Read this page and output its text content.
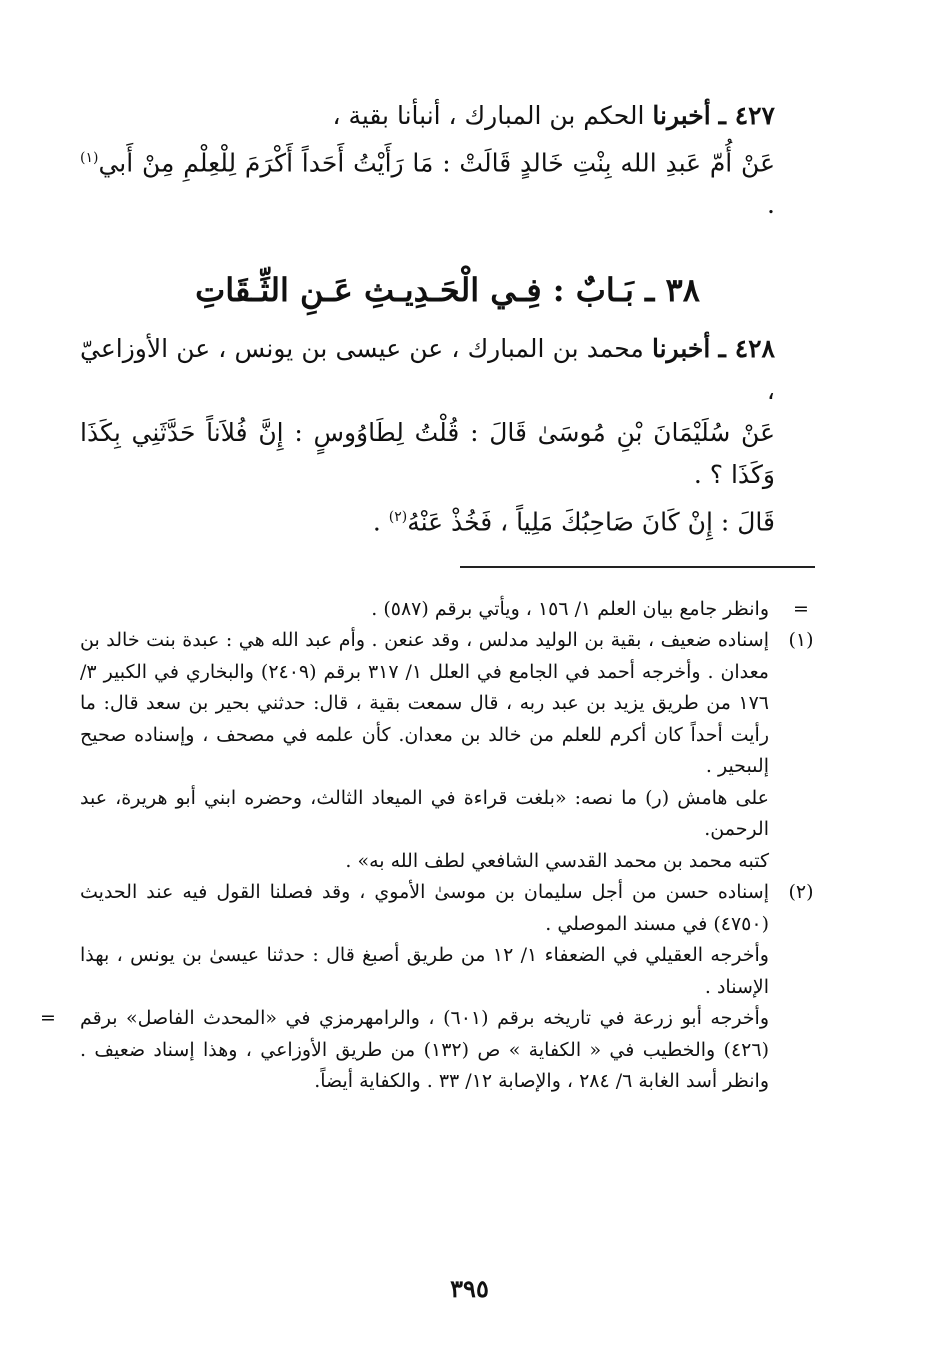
٤٢٧ ـ أخبرنا الحكم بن المبارك ، أنبأنا بقية ،

عَنْ أُمّ عَبدِ الله بِنْتِ خَالدٍ قَالَتْ : مَا رَأَيْتُ أَحَداً أَكْرَمَ لِلْعِلْمِ مِنْ أَبي$^{(١)}$ .

٣٨ ـ بَـابٌ : فِـي الْحَـدِيـثِ عَـنِ الثِّـقَاتِ

٤٢٨ ـ أخبرنا محمد بن المبارك ، عن عيسى بن يونس ، عن الأوزاعيّ ،

عَنْ سُلَيْمَانَ بْنِ مُوسَىٰ قَالَ : قُلْتُ لِطَاوُوسٍ : إِنَّ فُلاَناً حَدَّثَنِي بِكَذَا وَكَذَا ؟ .

قَالَ : إِنْ كَانَ صَاحِبُكَ مَلِياً ، فَخُذْ عَنْهُ$^{(٢)}$ .

=
وانظر جامع بيان العلم ١/ ١٥٦ ، ويأتي برقم (٥٨٧) .

(١)
إسناده ضعيف ، بقية بن الوليد مدلس ، وقد عنعن . وأم عبد الله هي : عبدة بنت خالد بن معدان . وأخرجه أحمد في الجامع في العلل ١/ ٣١٧ برقم (٢٤٠٩) والبخاري في الكبير ٣/ ١٧٦ من طريق يزيد بن عبد ربه ، قال سمعت بقية ، قال: حدثني بحير بن سعد قال: ما رأيت أحداً كان أكرم للعلم من خالد بن معدان. كأن علمه في مصحف ، وإسناده صحيح إلىبحير .

على هامش (ر) ما نصه: «بلغت قراءة في الميعاد الثالث، وحضره ابني أبو هريرة، عبد الرحمن.

كتبه محمد بن محمد القدسي الشافعي لطف الله به» .

(٢)
إسناده حسن من أجل سليمان بن موسىٰ الأموي ، وقد فصلنا القول فيه عند الحديث (٤٧٥٠) في مسند الموصلي .

وأخرجه العقيلي في الضعفاء ١/ ١٢ من طريق أصبغ قال : حدثنا عيسىٰ بن يونس ، بهذا الإسناد .

وأخرجه أبو زرعة في تاريخه برقم (٦٠١) ، والرامهرمزي في «المحدث الفاصل» برقم (٤٢٦) والخطيب في « الكفاية » ص (١٣٢) من طريق الأوزاعي ، وهذا إسناد ضعيف . وانظر أسد الغابة ٦/ ٢٨٤ ، والإصابة ١٢/ ٣٣ . والكفاية أيضاً.
=

٣٩٥
